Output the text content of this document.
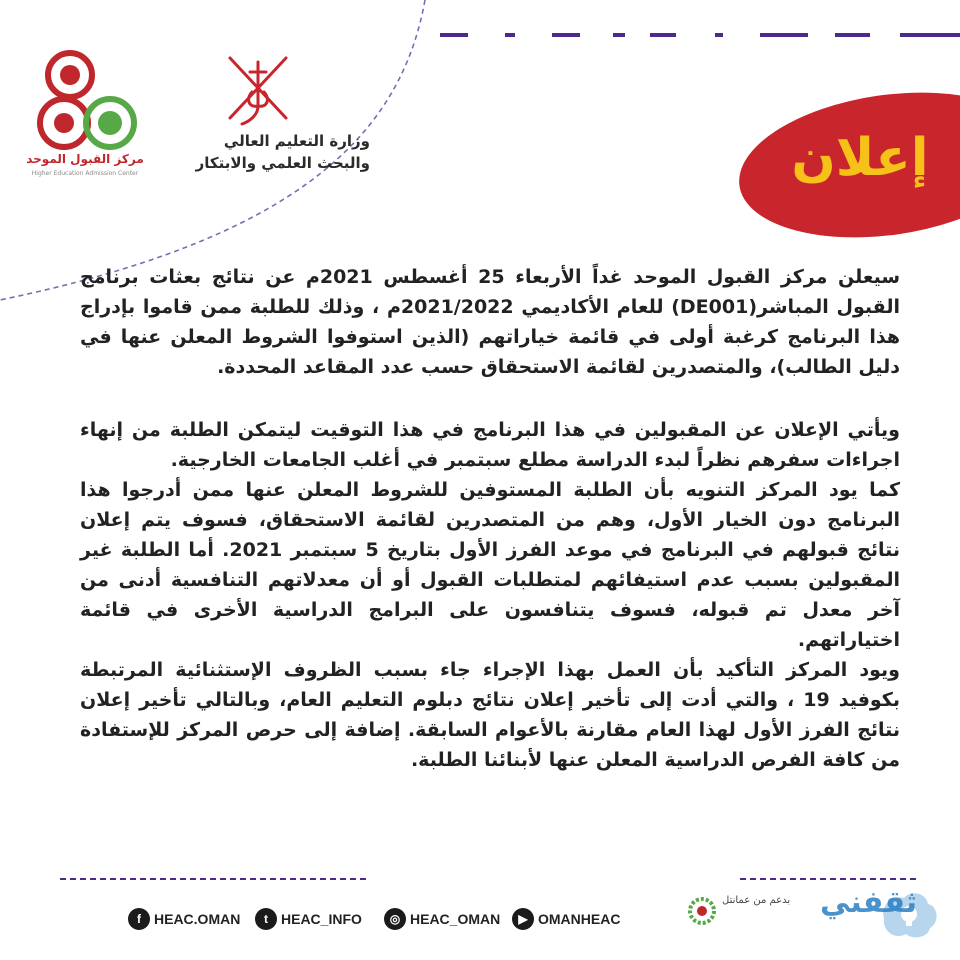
إعلان
وزارة التعليم العالي
والبحث العلمي والابتكار
مركز القبول الموحد
Higher Education Admission Center

سيعلن مركز القبول الموحد غداً الأربعاء 25 أغسطس 2021م عن نتائج بعثات برنامج القبول المباشر(DE001) للعام الأكاديمي 2021/2022م ، وذلك للطلبة ممن قاموا بإدراج هذا البرنامج كرغبة أولى في قائمة خياراتهم (الذين استوفوا الشروط المعلن عنها في دليل الطالب)، والمتصدرين لقائمة الاستحقاق حسب عدد المقاعد المحددة.

ويأتي الإعلان عن المقبولين في هذا البرنامج في هذا التوقيت ليتمكن الطلبة من إنهاء اجراءات سفرهم نظراً لبدء الدراسة مطلع سبتمبر في أغلب الجامعات الخارجية.

كما يود المركز التنويه بأن الطلبة المستوفين للشروط المعلن عنها ممن أدرجوا هذا البرنامج دون الخيار الأول، وهم من المتصدرين لقائمة الاستحقاق، فسوف يتم إعلان نتائج قبولهم في البرنامج في موعد الفرز الأول بتاريخ 5 سبتمبر 2021. أما الطلبة غير المقبولين بسبب عدم استيفائهم لمتطلبات القبول أو أن معدلاتهم التنافسية أدنى من آخر معدل تم قبوله، فسوف يتنافسون على البرامج الدراسية الأخرى في قائمة اختياراتهم.

ويود المركز التأكيد بأن العمل بهذا الإجراء جاء بسبب الظروف الإستثنائية المرتبطة بكوفيد 19 ، والتي أدت إلى تأخير إعلان نتائج دبلوم التعليم العام، وبالتالي تأخير إعلان نتائج الفرز الأول لهذا العام مقارنة بالأعوام السابقة. إضافة إلى حرص المركز للإستفادة من كافة الفرص الدراسية المعلن عنها لأبنائنا الطلبة.

f HEAC.OMAN	t HEAC_INFO	◎ HEAC_OMAN	▶ OMANHEAC
بدعم من عمانتل ثقفني
